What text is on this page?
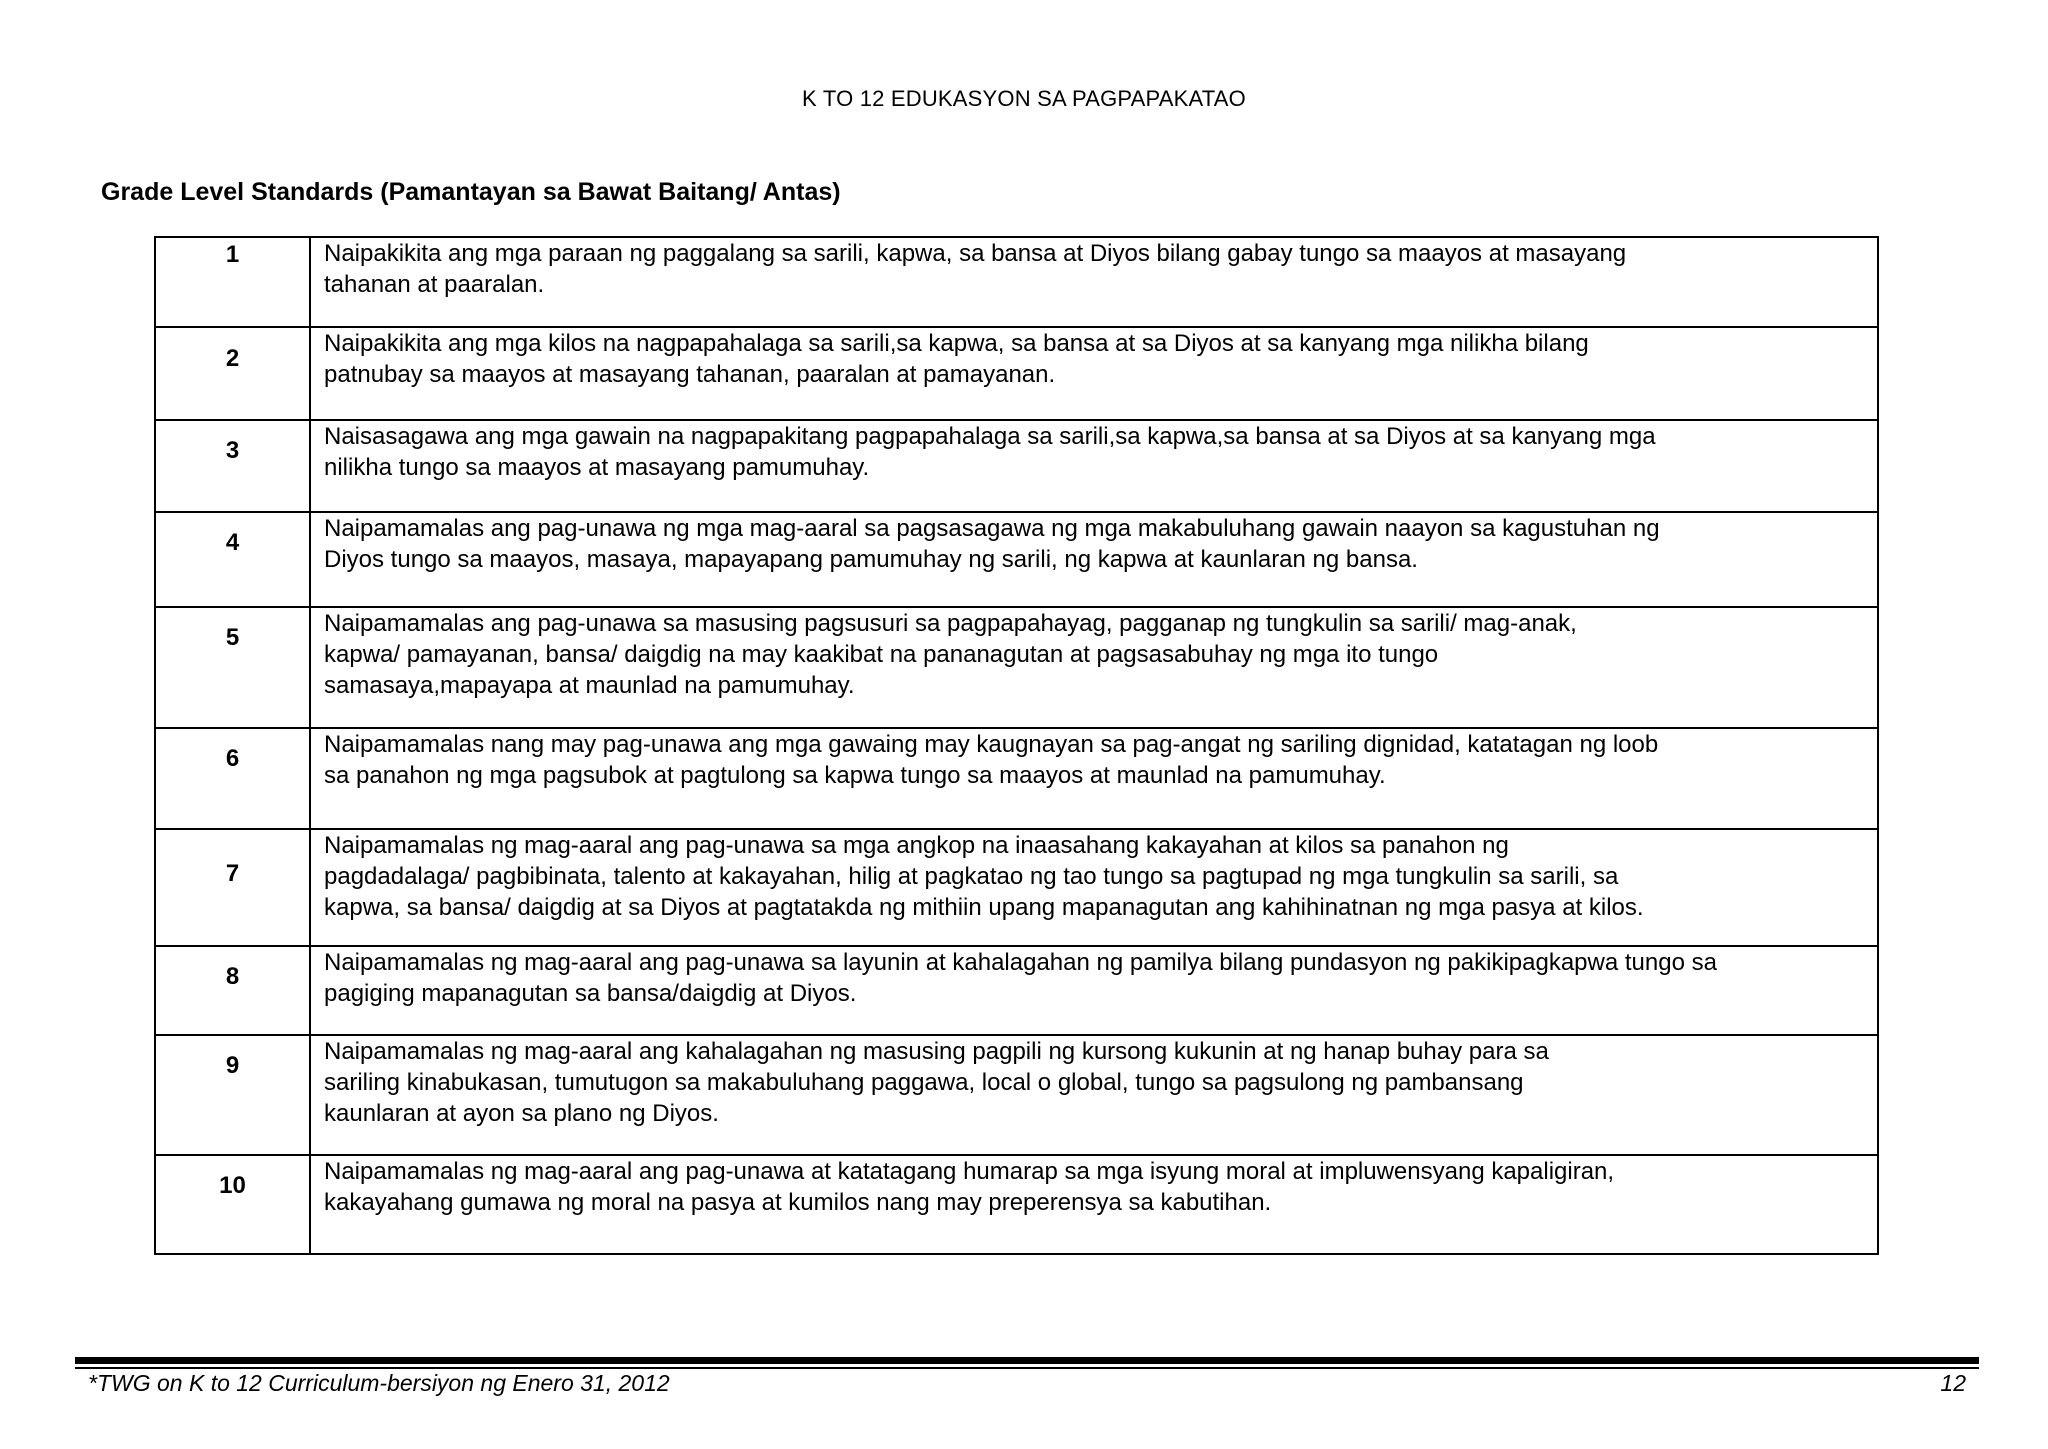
K TO 12 EDUKASYON SA PAGPAPAKATAO
Grade Level Standards (Pamantayan sa Bawat Baitang/ Antas)
1	Naipakikita ang mga paraan ng paggalang sa sarili, kapwa, sa bansa at Diyos bilang gabay tungo sa maayos at masayang
tahanan at paaralan.

2	Naipakikita ang mga kilos na nagpapahalaga sa sarili,sa kapwa, sa bansa at sa Diyos at sa kanyang mga nilikha bilang
patnubay sa maayos at masayang tahanan, paaralan at pamayanan.

3	Naisasagawa ang mga gawain na nagpapakitang pagpapahalaga sa sarili,sa kapwa,sa bansa at sa Diyos at sa kanyang mga
nilikha tungo sa maayos at masayang pamumuhay.

4	Naipamamalas ang pag-unawa ng mga mag-aaral sa pagsasagawa ng mga makabuluhang gawain naayon sa kagustuhan ng
Diyos tungo sa maayos, masaya, mapayapang pamumuhay ng sarili, ng kapwa at kaunlaran ng bansa.

5	Naipamamalas ang pag-unawa sa masusing pagsusuri sa pagpapahayag, pagganap ng tungkulin sa sarili/ mag-anak,
kapwa/ pamayanan, bansa/ daigdig na may kaakibat na pananagutan at pagsasabuhay ng mga ito tungo
samasaya,mapayapa at maunlad na pamumuhay.

6	Naipamamalas nang may pag-unawa ang mga gawaing may kaugnayan sa pag-angat ng sariling dignidad, katatagan ng loob
sa panahon ng mga pagsubok at pagtulong sa kapwa tungo sa maayos at maunlad na pamumuhay.

7	Naipamamalas ng mag-aaral ang pag-unawa sa mga angkop na inaasahang kakayahan at kilos sa panahon ng
pagdadalaga/ pagbibinata, talento at kakayahan, hilig at pagkatao ng tao tungo sa pagtupad ng mga tungkulin sa sarili, sa
kapwa, sa bansa/ daigdig at sa Diyos at pagtatakda ng mithiin upang mapanagutan ang kahihinatnan ng mga pasya at kilos.

8	Naipamamalas ng mag-aaral ang pag-unawa sa layunin at kahalagahan ng pamilya bilang pundasyon ng pakikipagkapwa tungo sa
pagiging mapanagutan sa bansa/daigdig at Diyos.

9	Naipamamalas ng mag-aaral ang kahalagahan ng masusing pagpili ng kursong kukunin at ng hanap buhay para sa
sariling kinabukasan, tumutugon sa makabuluhang paggawa, local o global, tungo sa pagsulong ng pambansang
kaunlaran at ayon sa plano ng Diyos.

10	Naipamamalas ng mag-aaral ang pag-unawa at katatagang humarap sa mga isyung moral at impluwensyang kapaligiran,
kakayahang gumawa ng moral na pasya at kumilos nang may preperensya sa kabutihan.
*TWG on K to 12 Curriculum-bersiyon ng Enero 31, 2012	12
